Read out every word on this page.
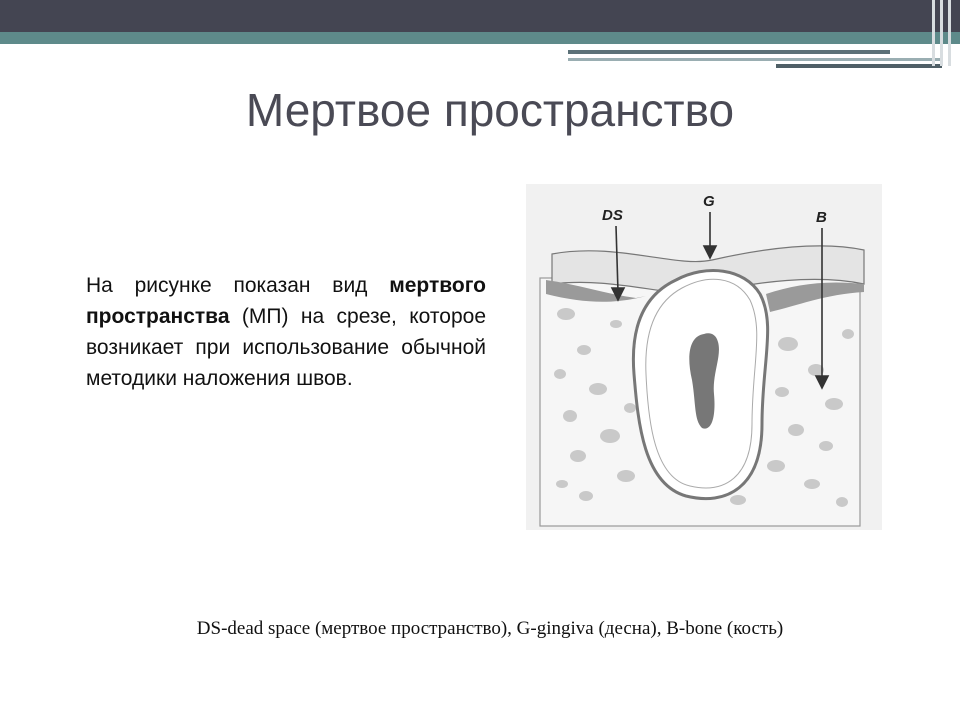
Мертвое пространство
На рисунке показан вид мертвого пространства (МП) на срезе, которое возникает при использование обычной методики наложения швов.
DS
G
B
DS-dead space (мертвое пространство), G-gingiva (десна), B-bone (кость)
